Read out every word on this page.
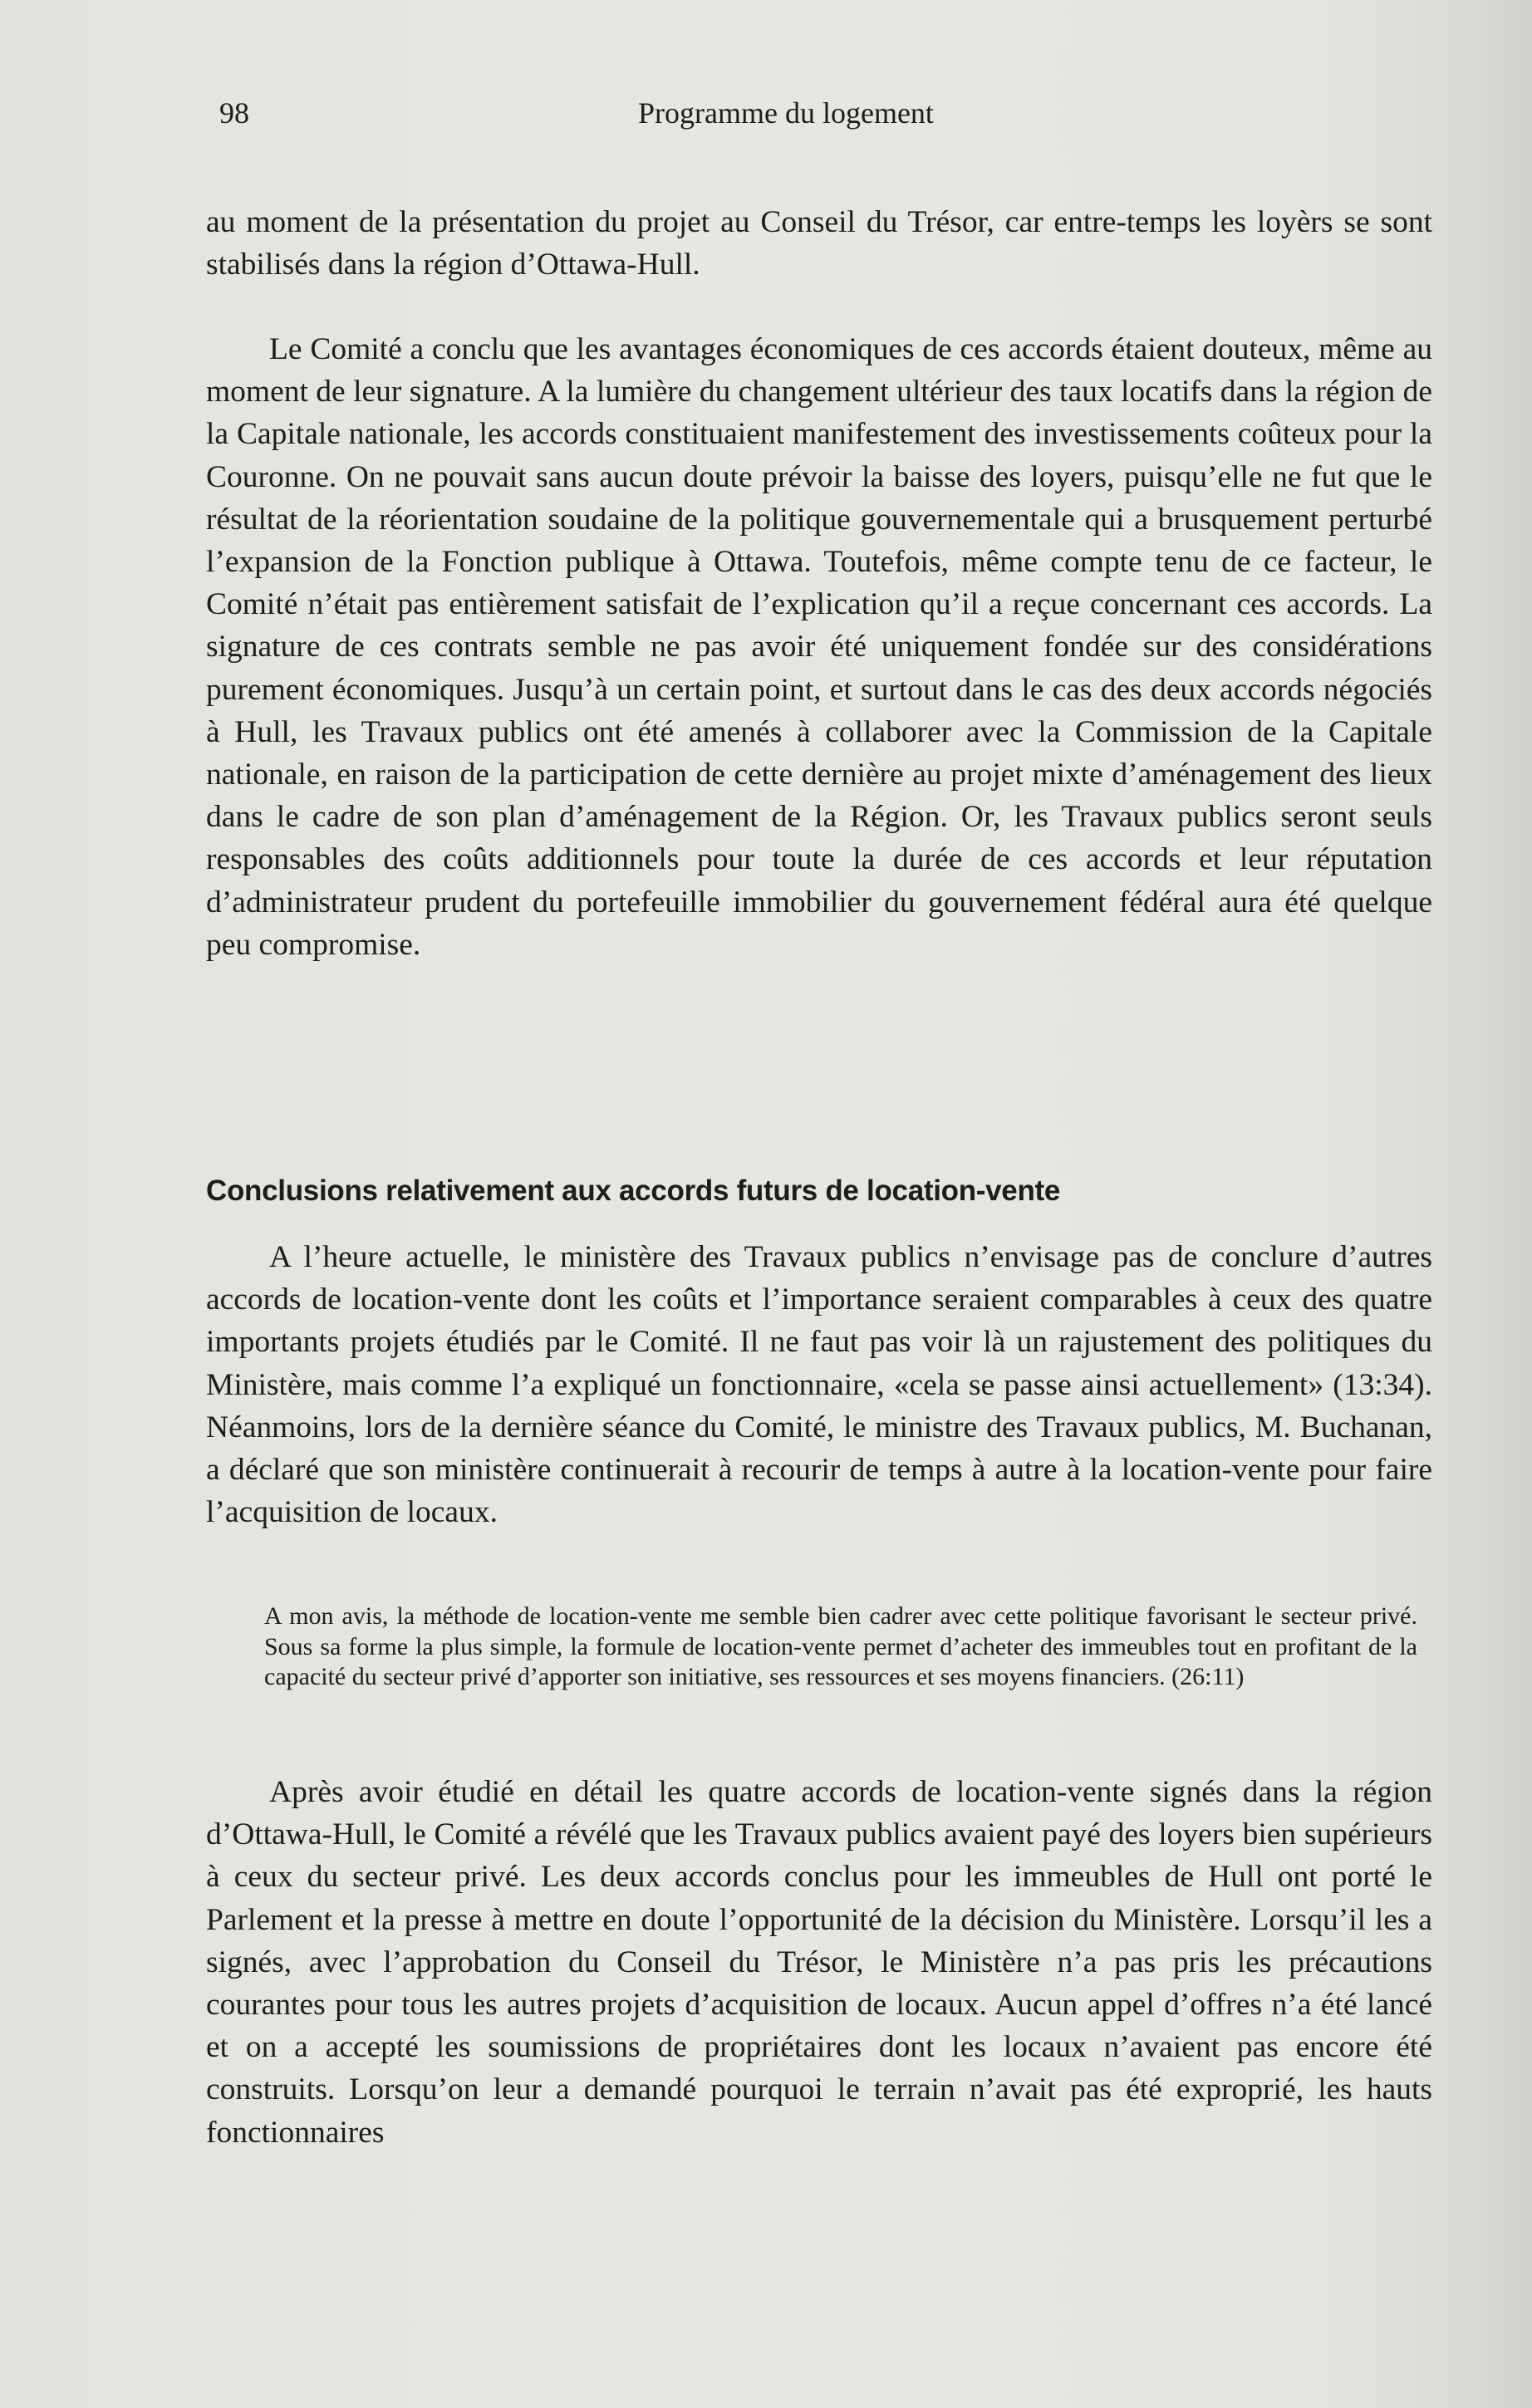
98	Programme du logement

au moment de la présentation du projet au Conseil du Trésor, car entre-temps les loyèrs se sont stabilisés dans la région d’Ottawa-Hull.

Le Comité a conclu que les avantages économiques de ces accords étaient douteux, même au moment de leur signature. A la lumière du changement ultérieur des taux locatifs dans la région de la Capitale nationale, les accords constituaient manifestement des investissements coûteux pour la Couronne. On ne pouvait sans aucun doute prévoir la baisse des loyers, puisqu’elle ne fut que le résultat de la réorientation soudaine de la politique gouvernementale qui a brusquement perturbé l’expansion de la Fonction publique à Ottawa. Toutefois, même compte tenu de ce facteur, le Comité n’était pas entièrement satisfait de l’explication qu’il a reçue concernant ces accords. La signature de ces contrats semble ne pas avoir été uniquement fondée sur des considérations purement économiques. Jusqu’à un certain point, et surtout dans le cas des deux accords négociés à Hull, les Travaux publics ont été amenés à collaborer avec la Commission de la Capitale nationale, en raison de la participation de cette dernière au projet mixte d’aménagement des lieux dans le cadre de son plan d’aménagement de la Région. Or, les Travaux publics seront seuls responsables des coûts additionnels pour toute la durée de ces accords et leur réputation d’administrateur prudent du portefeuille immobilier du gouvernement fédéral aura été quelque peu compromise.

Conclusions relativement aux accords futurs de location-vente

A l’heure actuelle, le ministère des Travaux publics n’envisage pas de conclure d’autres accords de location-vente dont les coûts et l’importance seraient comparables à ceux des quatre importants projets étudiés par le Comité. Il ne faut pas voir là un rajustement des politiques du Ministère, mais comme l’a expliqué un fonctionnaire, «cela se passe ainsi actuellement» (13:34). Néanmoins, lors de la dernière séance du Comité, le ministre des Travaux publics, M. Buchanan, a déclaré que son ministère continuerait à recourir de temps à autre à la location-vente pour faire l’acquisition de locaux.

A mon avis, la méthode de location-vente me semble bien cadrer avec cette politique favorisant le secteur privé. Sous sa forme la plus simple, la formule de location-vente permet d’acheter des immeubles tout en profitant de la capacité du secteur privé d’apporter son initiative, ses ressources et ses moyens financiers. (26:11)

Après avoir étudié en détail les quatre accords de location-vente signés dans la région d’Ottawa-Hull, le Comité a révélé que les Travaux publics avaient payé des loyers bien supérieurs à ceux du secteur privé. Les deux accords conclus pour les immeubles de Hull ont porté le Parlement et la presse à mettre en doute l’opportunité de la décision du Ministère. Lorsqu’il les a signés, avec l’approbation du Conseil du Trésor, le Ministère n’a pas pris les précautions courantes pour tous les autres projets d’acquisition de locaux. Aucun appel d’offres n’a été lancé et on a accepté les soumissions de propriétaires dont les locaux n’avaient pas encore été construits. Lorsqu’on leur a demandé pourquoi le terrain n’avait pas été exproprié, les hauts fonctionnaires
